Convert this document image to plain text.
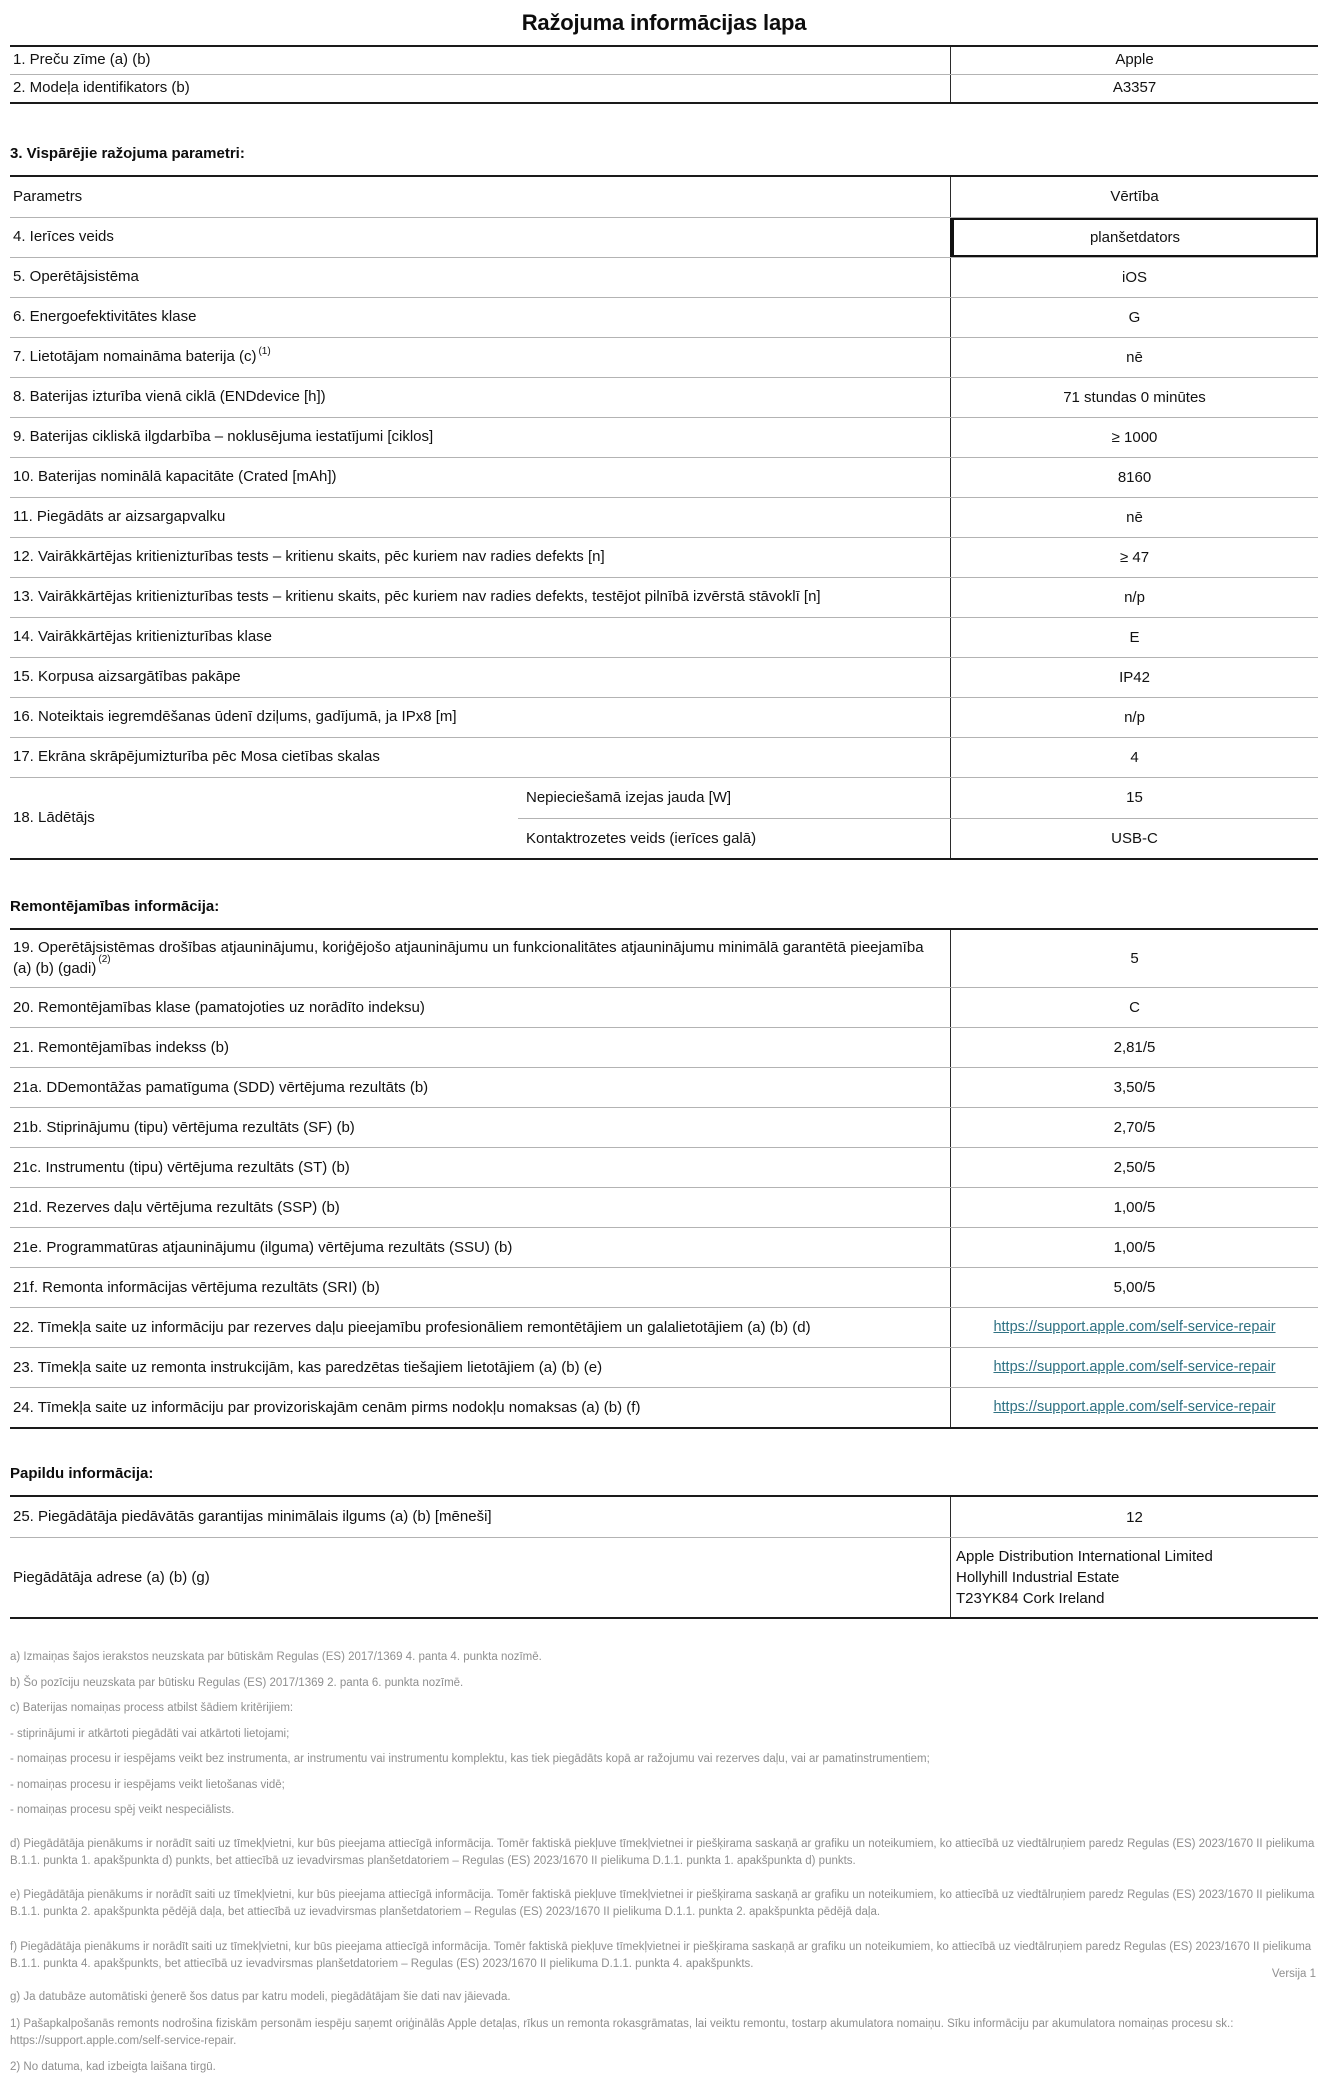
Ražojuma informācijas lapa
1. Preču zīme (a) (b)	Apple
2. Modeļa identifikators (b)	A3357
3. Vispārējie ražojuma parametri:
Parametrs	Vērtība
4. Ierīces veids	planšetdators
5. Operētājsistēma	iOS
6. Energoefektivitātes klase	G
7. Lietotājam nomaināma baterija (c)$^{(1)}$	nē
8. Baterijas izturība vienā ciklā (ENDdevice [h])	71 stundas 0 minūtes
9. Baterijas cikliskā ilgdarbība – noklusējuma iestatījumi [ciklos]	≥ 1000
10. Baterijas nominālā kapacitāte (Crated [mAh])	8160
11. Piegādāts ar aizsargapvalku	nē
12. Vairākkārtējas kritienizturības tests – kritienu skaits, pēc kuriem nav radies defekts [n]	≥ 47
13. Vairākkārtējas kritienizturības tests – kritienu skaits, pēc kuriem nav radies defekts, testējot pilnībā izvērstā stāvoklī [n]	n/p
14. Vairākkārtējas kritienizturības klase	E
15. Korpusa aizsargātības pakāpe	IP42
16. Noteiktais iegremdēšanas ūdenī dziļums, gadījumā, ja IPx8 [m]	n/p
17. Ekrāna skrāpējumizturība pēc Mosa cietības skalas	4
18. Lādētājs
Nepieciešamā izejas jauda [W]	15
Kontaktrozetes veids (ierīces galā)	USB-C
Remontējamības informācija:
19. Operētājsistēmas drošības atjauninājumu, koriģējošo atjauninājumu un funkcionalitātes atjauninājumu minimālā garantētā pieejamība (a) (b) (gadi)$^{(2)}$	5
20. Remontējamības klase (pamatojoties uz norādīto indeksu)	C
21. Remontējamības indekss (b)	2,81/5
21a. DDemontāžas pamatīguma (SDD) vērtējuma rezultāts (b)	3,50/5
21b. Stiprinājumu (tipu) vērtējuma rezultāts (SF) (b)	2,70/5
21c. Instrumentu (tipu) vērtējuma rezultāts (ST) (b)	2,50/5
21d. Rezerves daļu vērtējuma rezultāts (SSP) (b)	1,00/5
21e. Programmatūras atjauninājumu (ilguma) vērtējuma rezultāts (SSU) (b)	1,00/5
21f. Remonta informācijas vērtējuma rezultāts (SRI) (b)	5,00/5
22. Tīmekļa saite uz informāciju par rezerves daļu pieejamību profesionāliem remontētājiem un galalietotājiem (a) (b) (d)	https://support.apple.com/self-service-repair
23. Tīmekļa saite uz remonta instrukcijām, kas paredzētas tiešajiem lietotājiem (a) (b) (e)	https://support.apple.com/self-service-repair
24. Tīmekļa saite uz informāciju par provizoriskajām cenām pirms nodokļu nomaksas (a) (b) (f)	https://support.apple.com/self-service-repair
Papildu informācija:
25. Piegādātāja piedāvātās garantijas minimālais ilgums (a) (b) [mēneši]	12
Piegādātāja adrese (a) (b) (g)
Apple Distribution International Limited
Hollyhill Industrial Estate
T23YK84 Cork Ireland
a) Izmaiņas šajos ierakstos neuzskata par būtiskām Regulas (ES) 2017/1369 4. panta 4. punkta nozīmē.
b) Šo pozīciju neuzskata par būtisku Regulas (ES) 2017/1369 2. panta 6. punkta nozīmē.
c) Baterijas nomaiņas process atbilst šādiem kritērijiem:
- stiprinājumi ir atkārtoti piegādāti vai atkārtoti lietojami;
- nomaiņas procesu ir iespējams veikt bez instrumenta, ar instrumentu vai instrumentu komplektu, kas tiek piegādāts kopā ar ražojumu vai rezerves daļu, vai ar pamatinstrumentiem;
- nomaiņas procesu ir iespējams veikt lietošanas vidē;
- nomaiņas procesu spēj veikt nespeciālists.
d) Piegādātāja pienākums ir norādīt saiti uz tīmekļvietni, kur būs pieejama attiecīgā informācija. Tomēr faktiskā piekļuve tīmekļvietnei ir piešķirama saskaņā ar grafiku un noteikumiem, ko attiecībā uz viedtālruņiem paredz Regulas (ES) 2023/1670 II pielikuma B.1.1. punkta 1. apakšpunkta d) punkts, bet attiecībā uz ievadvirsmas planšetdatoriem – Regulas (ES) 2023/1670 II pielikuma D.1.1. punkta 1. apakšpunkta d) punkts.
e) Piegādātāja pienākums ir norādīt saiti uz tīmekļvietni, kur būs pieejama attiecīgā informācija. Tomēr faktiskā piekļuve tīmekļvietnei ir piešķirama saskaņā ar grafiku un noteikumiem, ko attiecībā uz viedtālruņiem paredz Regulas (ES) 2023/1670 II pielikuma B.1.1. punkta 2. apakšpunkta pēdējā daļa, bet attiecībā uz ievadvirsmas planšetdatoriem – Regulas (ES) 2023/1670 II pielikuma D.1.1. punkta 2. apakšpunkta pēdējā daļa.
f) Piegādātāja pienākums ir norādīt saiti uz tīmekļvietni, kur būs pieejama attiecīgā informācija. Tomēr faktiskā piekļuve tīmekļvietnei ir piešķirama saskaņā ar grafiku un noteikumiem, ko attiecībā uz viedtālruņiem paredz Regulas (ES) 2023/1670 II pielikuma B.1.1. punkta 4. apakšpunkts, bet attiecībā uz ievadvirsmas planšetdatoriem – Regulas (ES) 2023/1670 II pielikuma D.1.1. punkta 4. apakšpunkts.
g) Ja datubāze automātiski ģenerē šos datus par katru modeli, piegādātājam šie dati nav jāievada.
1) Pašapkalpošanās remonts nodrošina fiziskām personām iespēju saņemt oriģinālās Apple detaļas, rīkus un remonta rokasgrāmatas, lai veiktu remontu, tostarp akumulatora nomaiņu. Sīku informāciju par akumulatora nomaiņas procesu sk.: https://support.apple.com/self-service-repair.
2) No datuma, kad izbeigta laišana tirgū.
Versija 1
